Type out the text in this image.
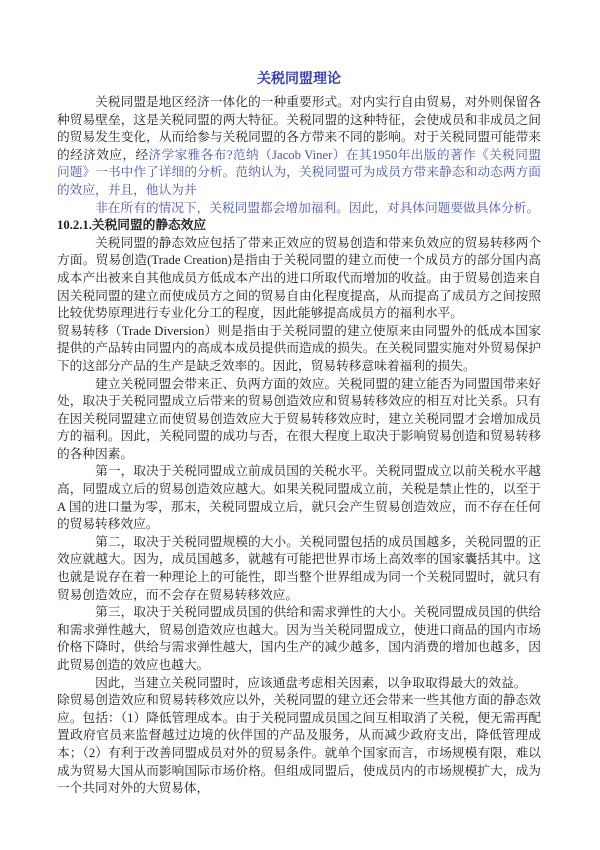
关税同盟理论

关税同盟是地区经济一体化的一种重要形式。对内实行自由贸易，对外则保留各种贸易壁垒，这是关税同盟的两大特征。关税同盟的这种特征，会使成员和非成员之间的贸易发生变化，从而给参与关税同盟的各方带来不同的影响。对于关税同盟可能带来的经济效应，经济学家雅各布?范纳（Jacob Viner）在其1950年出版的著作《关税同盟问题》一书中作了详细的分析。范纳认为，关税同盟可为成员方带来静态和动态两方面的效应，并且，他认为并

非在所有的情况下，关税同盟都会增加福利。因此，对具体问题要做具体分析。

10.2.1.关税同盟的静态效应

关税同盟的静态效应包括了带来正效应的贸易创造和带来负效应的贸易转移两个方面。贸易创造(Trade Creation)是指由于关税同盟的建立而使一个成员方的部分国内高成本产出被来自其他成员方低成本产出的进口所取代而增加的收益。由于贸易创造来自因关税同盟的建立而使成员方之间的贸易自由化程度提高，从而提高了成员方之间按照比较优势原理进行专业化分工的程度，因此能够提高成员方的福利水平。

贸易转移（Trade Diversion）则是指由于关税同盟的建立使原来由同盟外的低成本国家提供的产品转由同盟内的高成本成员提供而造成的损失。在关税同盟实施对外贸易保护下的这部分产品的生产是缺乏效率的。因此，贸易转移意味着福利的损失。

建立关税同盟会带来正、负两方面的效应。关税同盟的建立能否为同盟国带来好处，取决于关税同盟成立后带来的贸易创造效应和贸易转移效应的相互对比关系。只有在因关税同盟建立而使贸易创造效应大于贸易转移效应时，建立关税同盟才会增加成员方的福利。因此，关税同盟的成功与否，在很大程度上取决于影响贸易创造和贸易转移的各种因素。

第一，取决于关税同盟成立前成员国的关税水平。关税同盟成立以前关税水平越高，同盟成立后的贸易创造效应越大。如果关税同盟成立前，关税是禁止性的，以至于 A 国的进口量为零，那末，关税同盟成立后，就只会产生贸易创造效应，而不存在任何的贸易转移效应。

第二，取决于关税同盟规模的大小。关税同盟包括的成员国越多，关税同盟的正效应就越大。因为，成员国越多，就越有可能把世界市场上高效率的国家囊括其中。这也就是说存在着一种理论上的可能性，即当整个世界组成为同一个关税同盟时，就只有贸易创造效应，而不会存在贸易转移效应。

第三，取决于关税同盟成员国的供给和需求弹性的大小。关税同盟成员国的供给和需求弹性越大，贸易创造效应也越大。因为当关税同盟成立，使进口商品的国内市场价格下降时，供给与需求弹性越大，国内生产的减少越多，国内消费的增加也越多，因此贸易创造的效应也越大。

因此，当建立关税同盟时，应该通盘考虑相关因素，以争取取得最大的效益。

除贸易创造效应和贸易转移效应以外，关税同盟的建立还会带来一些其他方面的静态效应。包括：（1）降低管理成本。由于关税同盟成员国之间互相取消了关税，便无需再配置政府官员来监督越过边境的伙伴国的产品及服务，从而减少政府支出，降低管理成本；（2）有利于改善同盟成员对外的贸易条件。就单个国家而言，市场规模有限，难以成为贸易大国从而影响国际市场价格。但组成同盟后，使成员内的市场规模扩大，成为一个共同对外的大贸易体，
